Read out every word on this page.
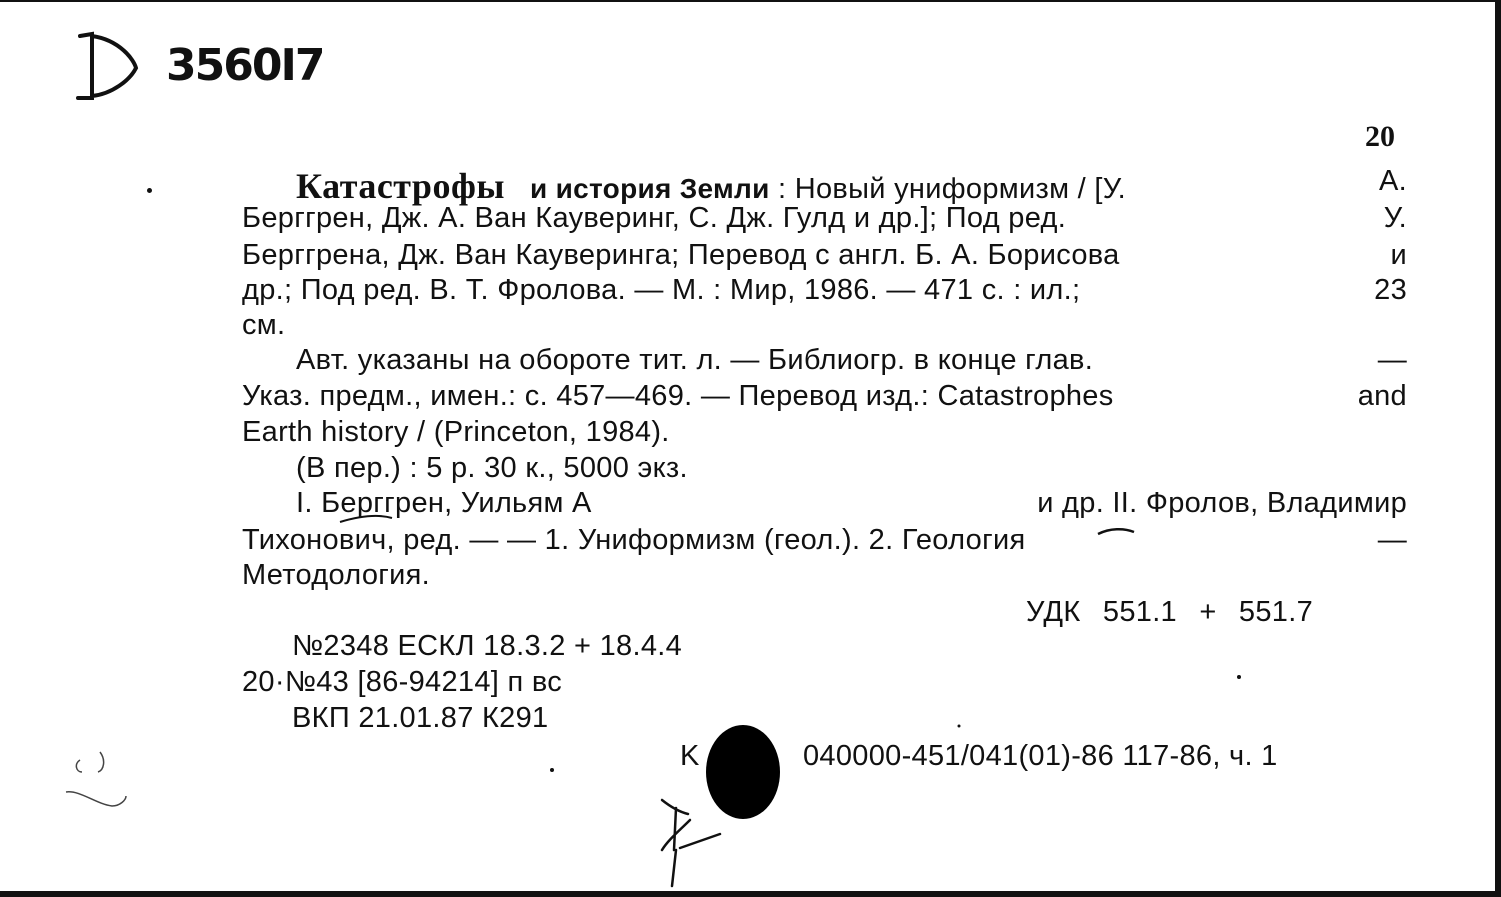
3560I7
20
Катастрофы и история Земли : Новый униформизм / [У.	А.
Берггрен, Дж. А. Ван Кауверинг, С. Дж. Гулд и др.]; Под ред.	У.
Берггрена, Дж. Ван Кауверинга; Перевод с англ. Б. А. Борисова	и
др.; Под ред. В. Т. Фролова. — М. : Мир, 1986. — 471 с. : ил.;	23
см.
Авт. указаны на обороте тит. л. — Библиогр. в конце глав.	—
Указ. предм., имен.: с. 457—469. — Перевод изд.: Catastrophes	and
Earth history / (Princeton, 1984).
(В пер.) : 5 р. 30 к., 5000 экз.
I. Берггрен, Уильям А	и др. II. Фролов, Владимир
Тихонович, ред. — — 1. Униформизм (геол.). 2. Геология	—
Методология.
УДК 551.1 + 551.7
№2348 ЕСКЛ 18.3.2 + 18.4.4
20·№43 [86-94214] п вс
ВКП 21.01.87 К291
K	040000-451/041(01)-86 117-86, ч. 1
